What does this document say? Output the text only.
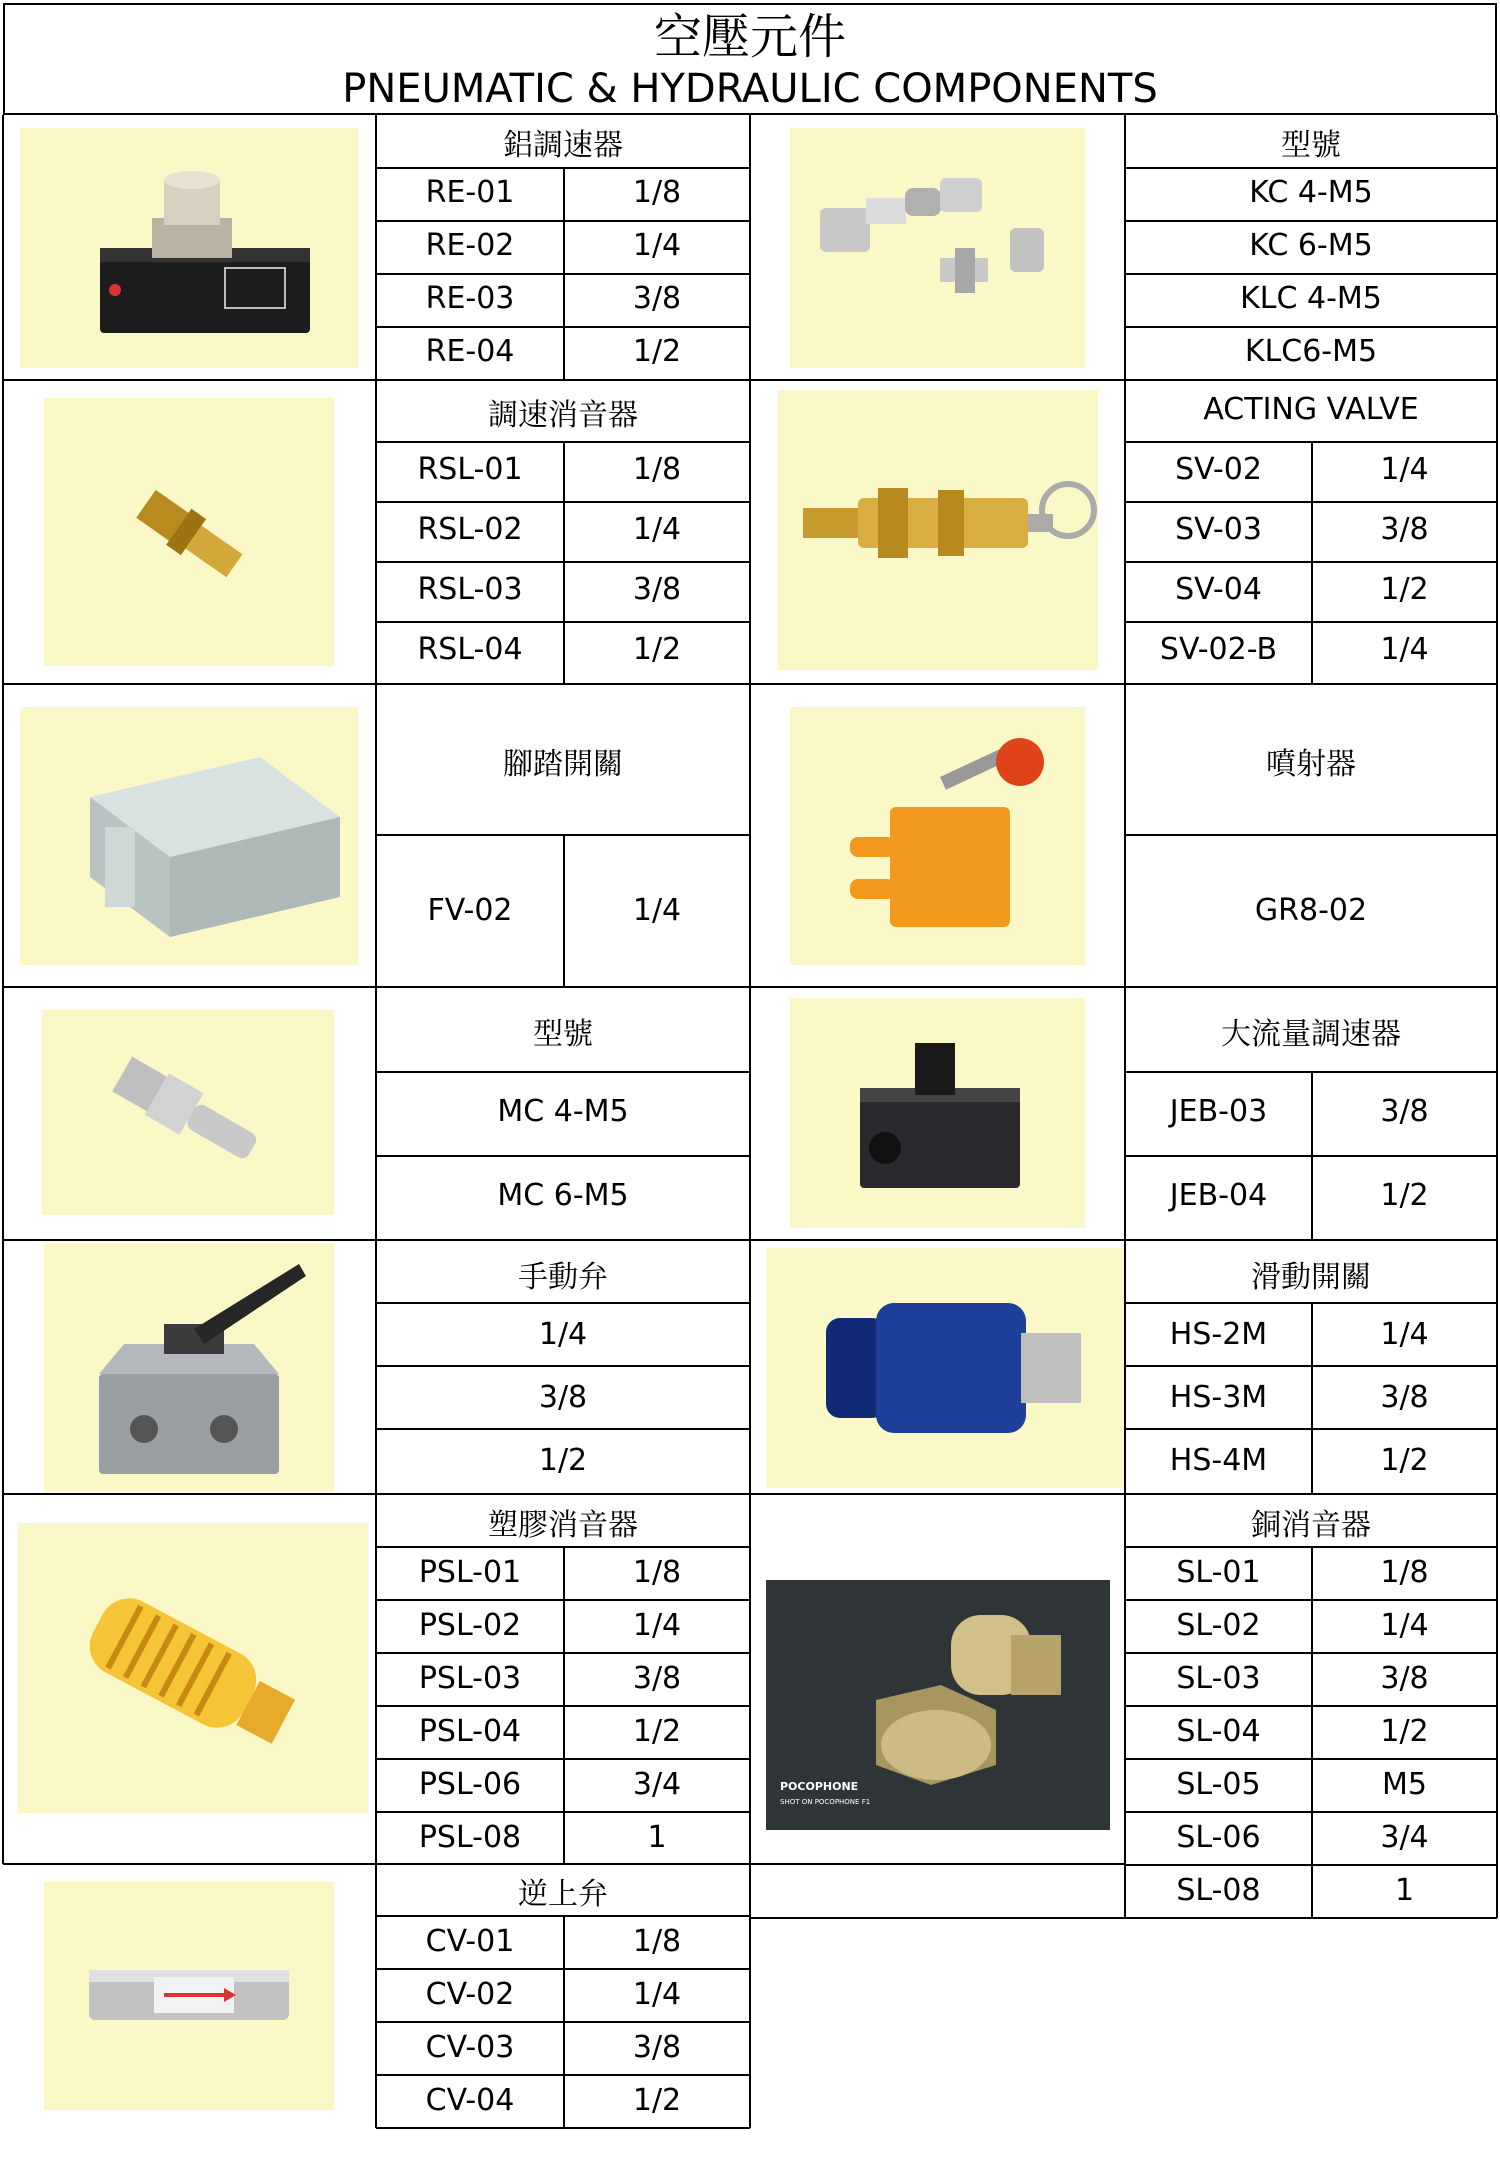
空壓元件
PNEUMATIC & HYDRAULIC COMPONENTS
POCOPHONE
SHOT ON POCOPHONE F1
鋁調速器
RE-01	1/8
RE-02	1/4
RE-03	3/8
RE-04	1/2
型號
KC 4-M5
KC 6-M5
KLC 4-M5
KLC6-M5
調速消音器
RSL-01	1/8
RSL-02	1/4
RSL-03	3/8
RSL-04	1/2
ACTING VALVE
SV-02	1/4
SV-03	3/8
SV-04	1/2
SV-02-B	1/4
腳踏開關
FV-02	1/4
噴射器
GR8-02
型號
MC 4-M5
MC 6-M5
大流量調速器
JEB-03	3/8
JEB-04	1/2
手動弁
1/4
3/8
1/2
滑動開關
HS-2M	1/4
HS-3M	3/8
HS-4M	1/2
塑膠消音器
PSL-01	1/8
PSL-02	1/4
PSL-03	3/8
PSL-04	1/2
PSL-06	3/4
PSL-08	1
銅消音器
SL-01	1/8
SL-02	1/4
SL-03	3/8
SL-04	1/2
SL-05	M5
SL-06	3/4
SL-08	1
逆上弁
CV-01	1/8
CV-02	1/4
CV-03	3/8
CV-04	1/2
